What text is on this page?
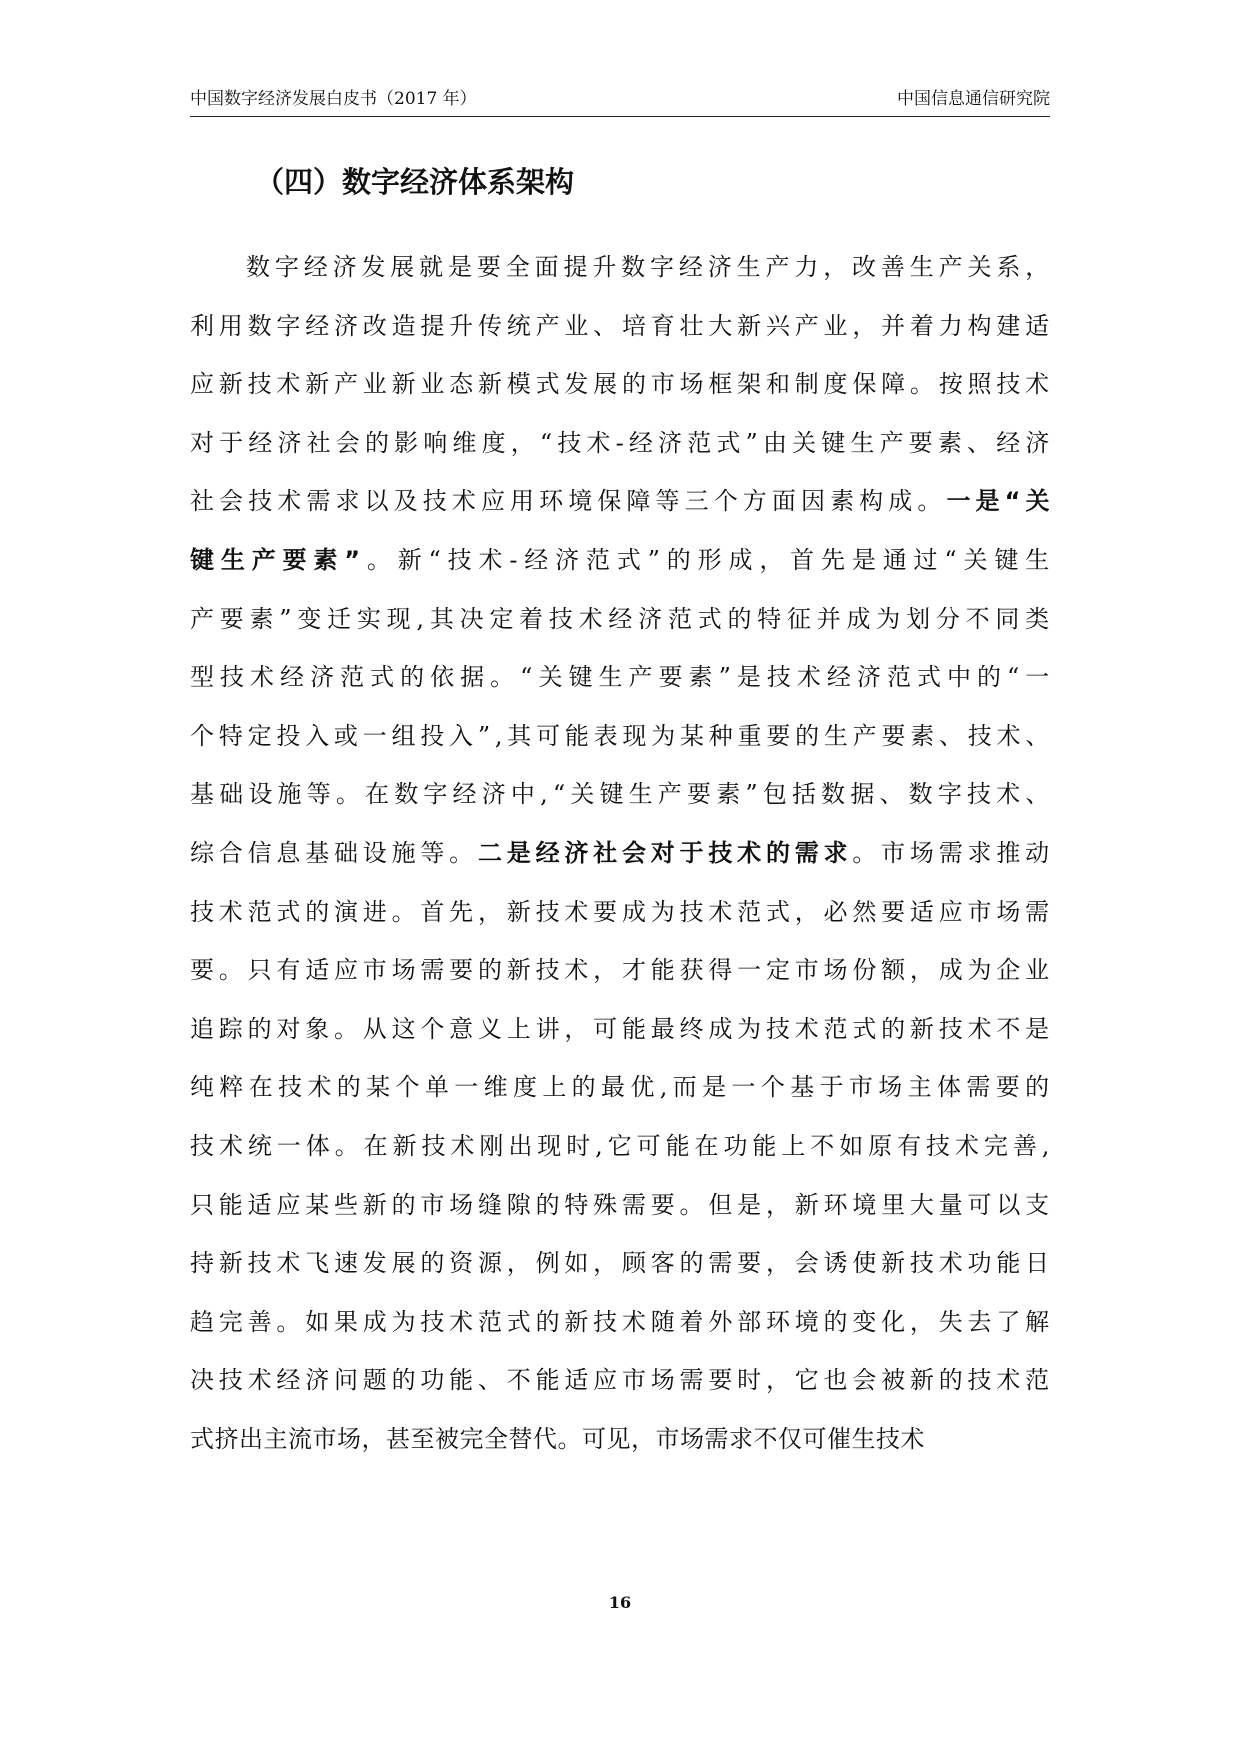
中国数字经济发展白皮书（2017 年）	中国信息通信研究院
（四）数字经济体系架构
数 字 经 济 发 展 就 是 要 全 面 提 升 数 字 经 济 生 产 力 ， 改 善 生 产 关 系 ，
利 用 数 字 经 济 改 造 提 升 传 统 产 业 、 培 育 壮 大 新 兴 产 业 ， 并 着 力 构 建 适
应 新 技 术 新 产 业 新 业 态 新 模 式 发 展 的 市 场 框 架 和 制 度 保 障 。 按 照 技 术
对 于 经 济 社 会 的 影 响 维 度 ， “ 技 术 - 经 济 范 式 ” 由 关 键 生 产 要 素 、 经 济
社 会 技 术 需 求 以 及 技 术 应 用 环 境 保 障 等 三 个 方 面 因 素 构 成 。 一 是 “ 关
键 生 产 要 素 ” 。 新 “ 技 术 - 经 济 范 式 ” 的 形 成 ， 首 先 是 通 过 “ 关 键 生
产 要 素 ” 变 迁 实 现 , 其 决 定 着 技 术 经 济 范 式 的 特 征 并 成 为 划 分 不 同 类
型 技 术 经 济 范 式 的 依 据 。 “ 关 键 生 产 要 素 ” 是 技 术 经 济 范 式 中 的 “ 一
个 特 定 投 入 或 一 组 投 入 ” , 其 可 能 表 现 为 某 种 重 要 的 生 产 要 素 、 技 术 、
基 础 设 施 等 。 在 数 字 经 济 中 , “ 关 键 生 产 要 素 ” 包 括 数 据 、 数 字 技 术 、
综 合 信 息 基 础 设 施 等 。 二 是 经 济 社 会 对 于 技 术 的 需 求 。 市 场 需 求 推 动
技 术 范 式 的 演 进 。 首 先 ， 新 技 术 要 成 为 技 术 范 式 ， 必 然 要 适 应 市 场 需
要 。 只 有 适 应 市 场 需 要 的 新 技 术 ， 才 能 获 得 一 定 市 场 份 额 ， 成 为 企 业
追 踪 的 对 象 。 从 这 个 意 义 上 讲 ， 可 能 最 终 成 为 技 术 范 式 的 新 技 术 不 是
纯 粹 在 技 术 的 某 个 单 一 维 度 上 的 最 优 , 而 是 一 个 基 于 市 场 主 体 需 要 的
技 术 统 一 体 。 在 新 技 术 刚 出 现 时 , 它 可 能 在 功 能 上 不 如 原 有 技 术 完 善 ,
只 能 适 应 某 些 新 的 市 场 缝 隙 的 特 殊 需 要 。 但 是 ， 新 环 境 里 大 量 可 以 支
持 新 技 术 飞 速 发 展 的 资 源 ， 例 如 ， 顾 客 的 需 要 ， 会 诱 使 新 技 术 功 能 日
趋 完 善 。 如 果 成 为 技 术 范 式 的 新 技 术 随 着 外 部 环 境 的 变 化 ， 失 去 了 解
决 技 术 经 济 问 题 的 功 能 、 不 能 适 应 市 场 需 要 时 ， 它 也 会 被 新 的 技 术 范
式 挤 出 主 流 市 场 ， 甚 至 被 完 全 替 代 。 可 见 ， 市 场 需 求 不 仅 可 催 生 技 术
16
